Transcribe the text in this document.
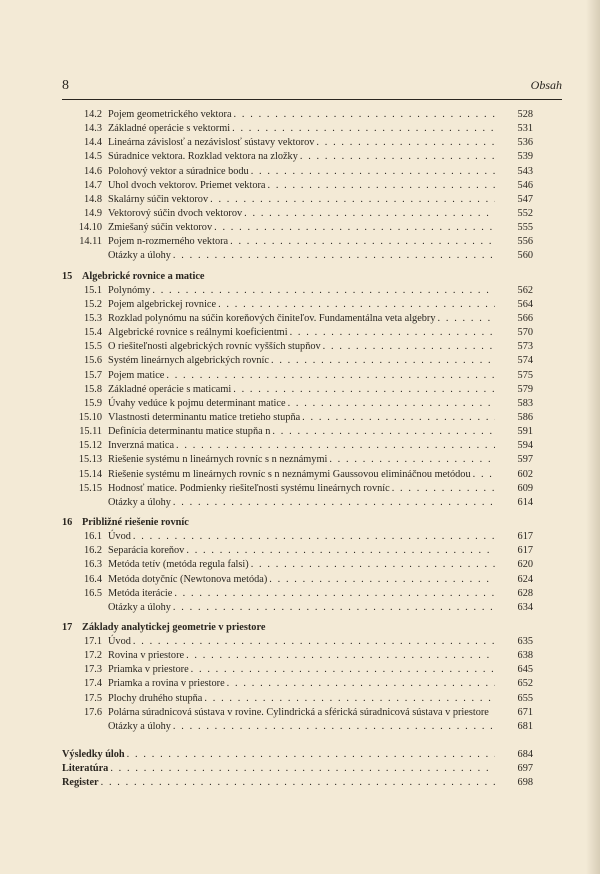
8	Obsah
14.2 Pojem geometrického vektora . . .	528
14.3 Základné operácie s vektormi . . .	531
14.4 Lineárna závislosť a nezávislosť sústavy vektorov . . .	536
14.5 Súradnice vektora. Rozklad vektora na zložky . . .	539
14.6 Polohový vektor a súradnice bodu . . .	543
14.7 Uhol dvoch vektorov. Priemet vektora . . .	546
14.8 Skalárny súčin vektorov . . .	547
14.9 Vektorový súčin dvoch vektorov . . .	552
14.10 Zmiešaný súčin vektorov . . .	555
14.11 Pojem n-rozmerného vektora . . .	556
Otázky a úlohy . . .	560
15 Algebrické rovnice a matice
15.1 Polynómy . . .	562
15.2 Pojem algebrickej rovnice . . .	564
15.3 Rozklad polynómu na súčin koreňových činiteľov. Fundamentálna veta algebry . . .	566
15.4 Algebrické rovnice s reálnymi koeficientmi . . .	570
15.5 O riešiteľnosti algebrických rovníc vyšších stupňov . . .	573
15.6 Systém lineárnych algebrických rovníc . . .	574
15.7 Pojem matice . . .	575
15.8 Základné operácie s maticami . . .	579
15.9 Úvahy vedúce k pojmu determinant matice . . .	583
15.10 Vlastnosti determinantu matice tretieho stupňa . . .	586
15.11 Definícia determinantu matice stupňa n . . .	591
15.12 Inverzná matica . . .	594
15.13 Riešenie systému n lineárnych rovníc s n neznámymi . . .	597
15.14 Riešenie systému m lineárnych rovníc s n neznámymi Gaussovou elimináčnou metódou . . .	602
15.15 Hodnosť matice. Podmienky riešiteľnosti systému lineárnych rovníc . . .	609
Otázky a úlohy . . .	614
16 Približné riešenie rovníc
16.1 Úvod . . .	617
16.2 Separácia koreňov . . .	617
16.3 Metóda tetív (metóda regula falsi) . . .	620
16.4 Metóda dotyčníc (Newtonova metóda) . . .	624
16.5 Metóda iterácie . . .	628
Otázky a úlohy . . .	634
17 Základy analytickej geometrie v priestore
17.1 Úvod . . .	635
17.2 Rovina v priestore . . .	638
17.3 Priamka v priestore . . .	645
17.4 Priamka a rovina v priestore . . .	652
17.5 Plochy druhého stupňa . . .	655
17.6 Polárna súradnicová sústava v rovine. Cylindrická a sférická súradnicová sústava v priestore	671
Otázky a úlohy . . .	681
Výsledky úloh . . .	684
Literatúra . . .	697
Register . . .	698
